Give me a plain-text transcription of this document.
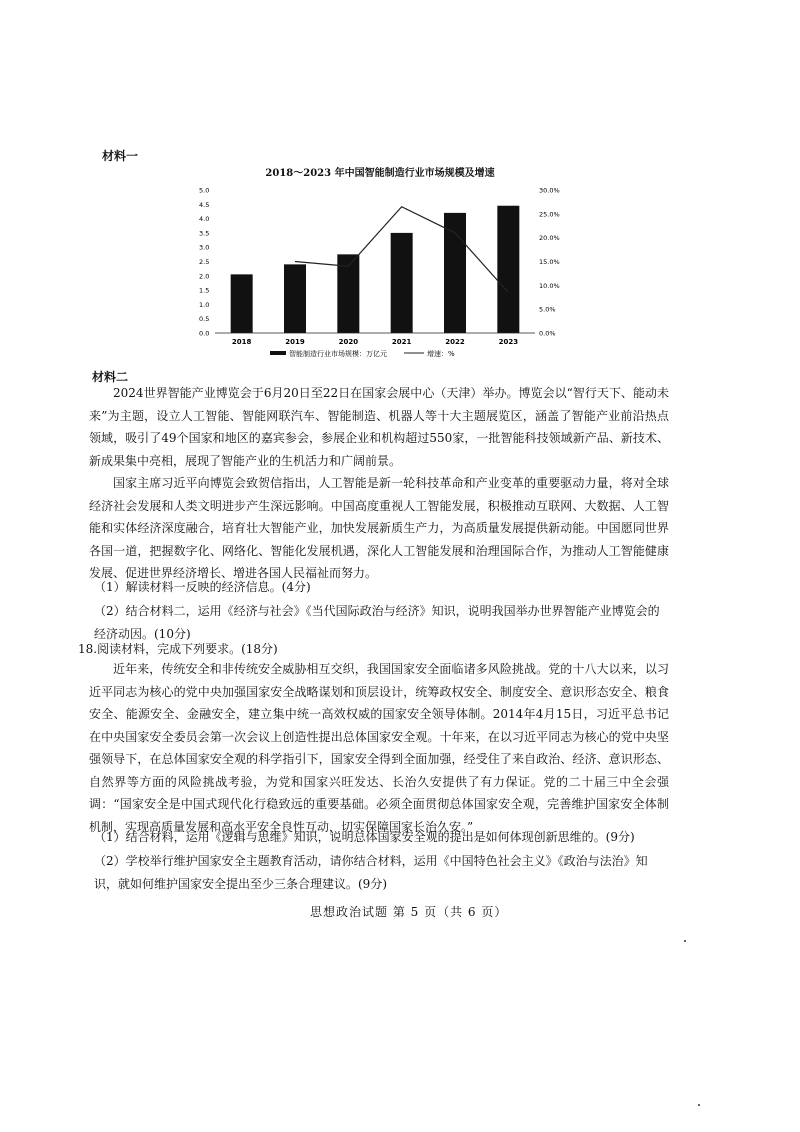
材料一
2018～2023 年中国智能制造行业市场规模及增速
0.0
0.5
1.0
1.5
2.0
2.5
3.0
3.5
4.0
4.5
5.0
0.0%
5.0%
10.0%
15.0%
20.0%
25.0%
30.0%
2018	2019	2020	2021	2022	2023
智能制造行业市场规模：万亿元	增速：%
材料二

2024世界智能产业博览会于6月20日至22日在国家会展中心（天津）举办。博览会以“智行天下、能动未来”为主题，设立人工智能、智能网联汽车、智能制造、机器人等十大主题展览区，涵盖了智能产业前沿热点领域，吸引了49个国家和地区的嘉宾参会，参展企业和机构超过550家，一批智能科技领域新产品、新技术、新成果集中亮相，展现了智能产业的生机活力和广阔前景。

国家主席习近平向博览会致贺信指出，人工智能是新一轮科技革命和产业变革的重要驱动力量，将对全球经济社会发展和人类文明进步产生深远影响。中国高度重视人工智能发展，积极推动互联网、大数据、人工智能和实体经济深度融合，培育壮大智能产业，加快发展新质生产力，为高质量发展提供新动能。中国愿同世界各国一道，把握数字化、网络化、智能化发展机遇，深化人工智能发展和治理国际合作，为推动人工智能健康发展、促进世界经济增长、增进各国人民福祉而努力。

（1）解读材料一反映的经济信息。(4分)

（2）结合材料二，运用《经济与社会》《当代国际政治与经济》知识，说明我国举办世界智能产业博览会的经济动因。(10分)

18.阅读材料，完成下列要求。(18分)

近年来，传统安全和非传统安全威胁相互交织，我国国家安全面临诸多风险挑战。党的十八大以来，以习近平同志为核心的党中央加强国家安全战略谋划和顶层设计，统筹政权安全、制度安全、意识形态安全、粮食安全、能源安全、金融安全，建立集中统一高效权威的国家安全领导体制。2014年4月15日，习近平总书记在中央国家安全委员会第一次会议上创造性提出总体国家安全观。十年来，在以习近平同志为核心的党中央坚强领导下，在总体国家安全观的科学指引下，国家安全得到全面加强，经受住了来自政治、经济、意识形态、自然界等方面的风险挑战考验，为党和国家兴旺发达、长治久安提供了有力保证。党的二十届三中全会强调：“国家安全是中国式现代化行稳致远的重要基础。必须全面贯彻总体国家安全观，完善维护国家安全体制机制，实现高质量发展和高水平安全良性互动，切实保障国家长治久安。”

（1）结合材料，运用《逻辑与思维》知识，说明总体国家安全观的提出是如何体现创新思维的。(9分)

（2）学校举行维护国家安全主题教育活动，请你结合材料，运用《中国特色社会主义》《政治与法治》知识，就如何维护国家安全提出至少三条合理建议。(9分)

思想政治试题 第 5 页（共 6 页）
